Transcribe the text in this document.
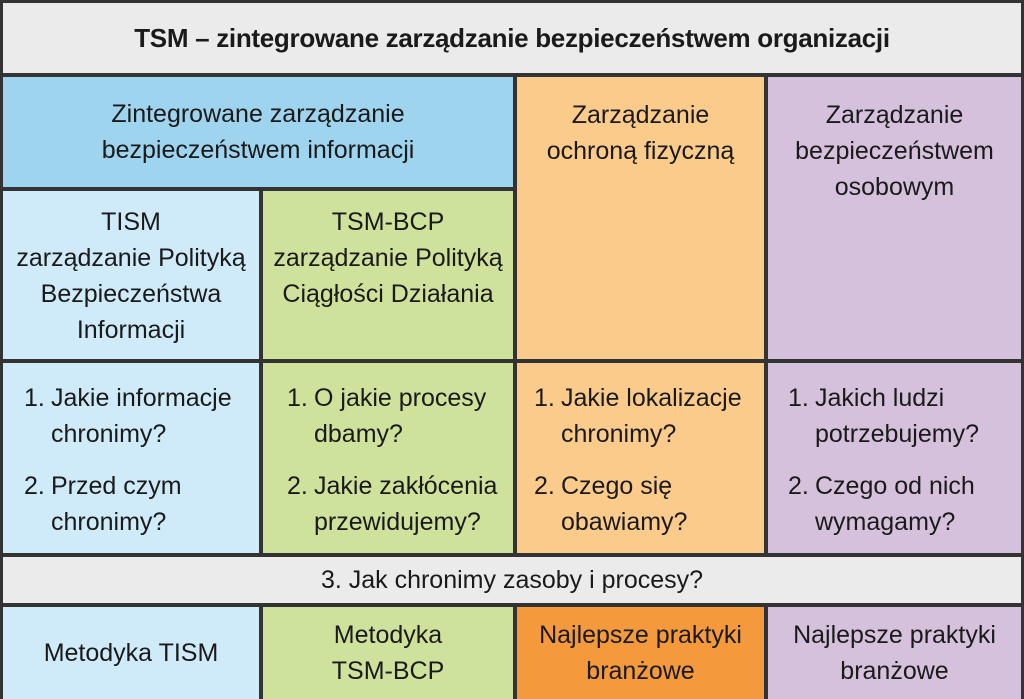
TSM – zintegrowane zarządzanie bezpieczeństwem organizacji
Zintegrowane zarządzanie
bezpieczeństwem informacji
Zarządzanie
ochroną fizyczną
Zarządzanie
bezpieczeństwem
osobowym
TISM
zarządzanie Polityką
Bezpieczeństwa
Informacji
TSM-BCP
zarządzanie Polityką
Ciągłości Działania
1. Jakie informacje
chronimy?
2. Przed czym
chronimy?
1. O jakie procesy
dbamy?
2. Jakie zakłócenia
przewidujemy?
1. Jakie lokalizacje
chronimy?
2. Czego się
obawiamy?
1. Jakich ludzi
potrzebujemy?
2. Czego od nich
wymagamy?
3. Jak chronimy zasoby i procesy?
Metodyka TISM
Metodyka
TSM-BCP
Najlepsze praktyki
branżowe
Najlepsze praktyki
branżowe
